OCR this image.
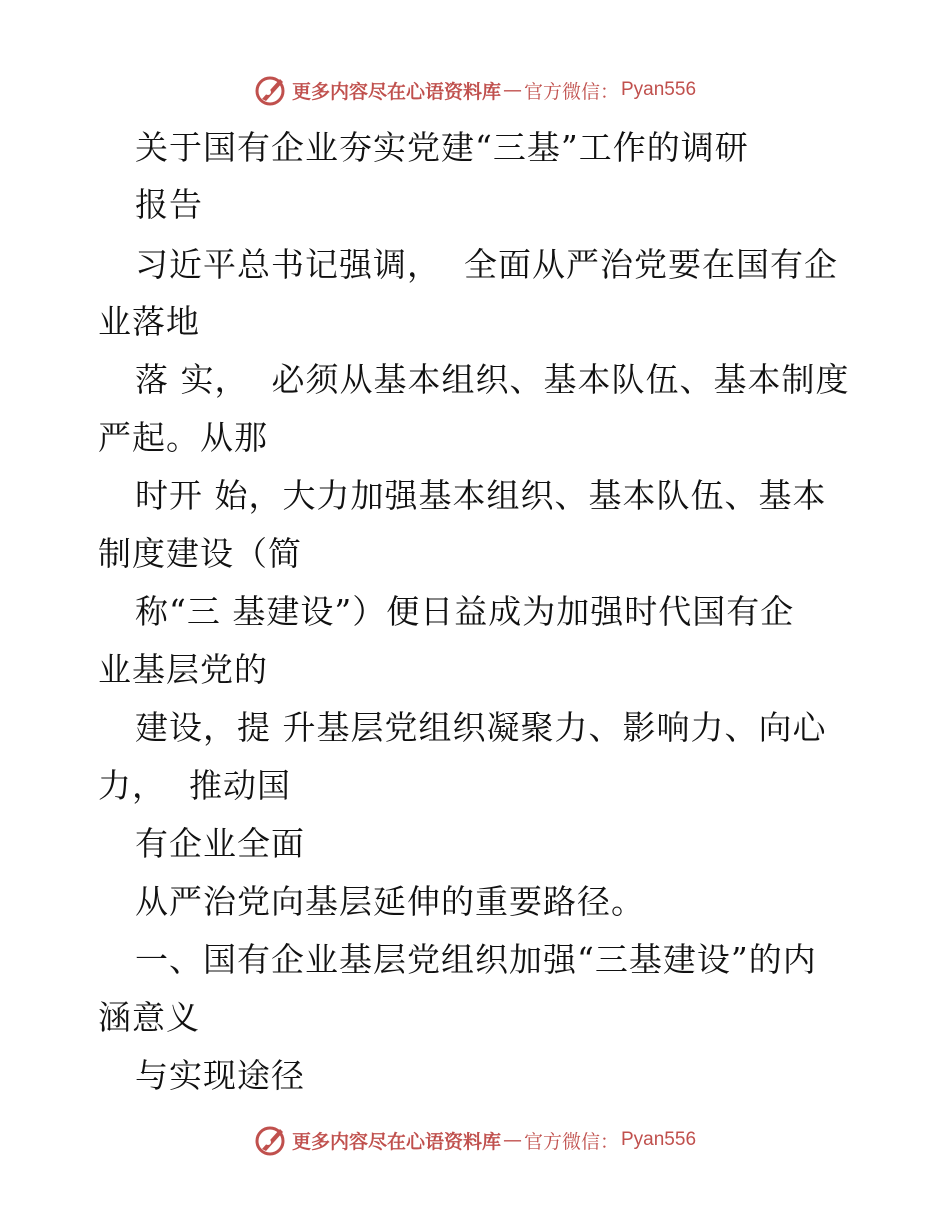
更多内容尽在心语资料库 — 官方微信： Pyan556
关于国有企业夯实党建“三基”工作的调研
报告
习近平总书记强调，  全面从严治党要在国有企
业落地
落 实，  必须从基本组织、基本队伍、基本制度
严起。从那
时开 始，大力加强基本组织、基本队伍、基本
制度建设（简
称“三 基建设”）便日益成为加强时代国有企
业基层党的
建设，提 升基层党组织凝聚力、影响力、向心
力，  推动国
有企业全面
从严治党向基层延伸的重要路径。
一、国有企业基层党组织加强“三基建设”的内
涵意义
与实现途径
更多内容尽在心语资料库 — 官方微信： Pyan556
